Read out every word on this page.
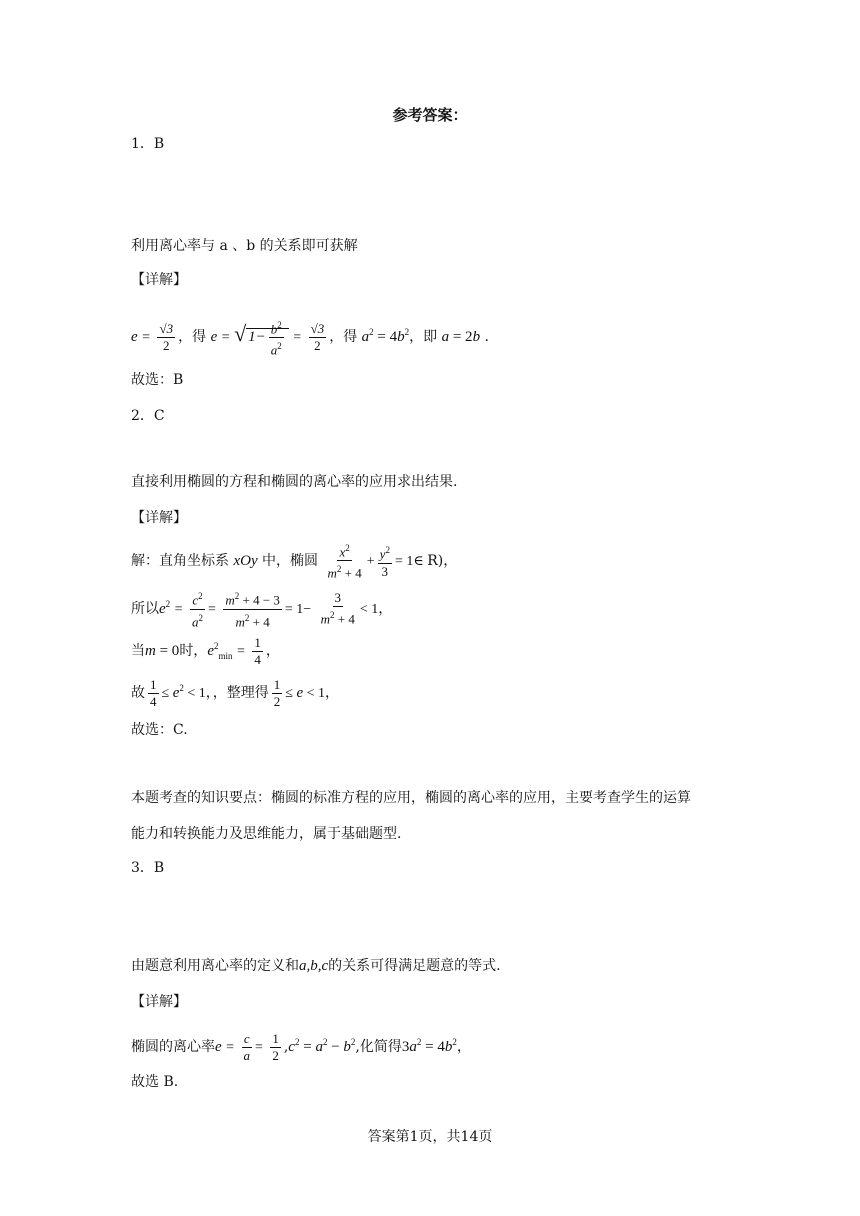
参考答案：
1．B
利用离心率与 a 、b 的关系即可获解
【详解】
$e = \frac{√3}{2}$ ，得 e = √ $1- \frac{b^2}{a^2} = \frac{√3}{2}$ ，得 $a^2 = 4b^2$，即 a = 2b .
故选：B
2．C
直接利用椭圆的方程和椭圆的离心率的应用求出结果.
【详解】
解：直角坐标系 xOy 中，椭圆 $\frac{x^2}{m^2 + 4} + \frac{y^2}{3}$ = 1∈ R)，
所以$e^2 = \frac{c^2}{a^2} = \frac{m^2 + 4 - 3}{m^2 + 4} = 1- \frac{3}{m^2 + 4} < 1$，
当m = 0时，$e^2_{min} = \frac{1}{4}$ ，
故 $\frac{1}{4} \le e^2 < 1$，，整理得 $\frac{1}{2} \le e < 1$，
故选：C.
本题考查的知识要点：椭圆的标准方程的应用，椭圆的离心率的应用，主要考查学生的运算
能力和转换能力及思维能力，属于基础题型.
3．B
由题意利用离心率的定义和a,b,c的关系可得满足题意的等式.
【详解】
椭圆的离心率$e = \frac{c}{a} = \frac{1}{2} ,c^2 = a^2 - b^2$,化简得$3a^2 = 4b^2$，
故选 B.
答案第1页，共14页
